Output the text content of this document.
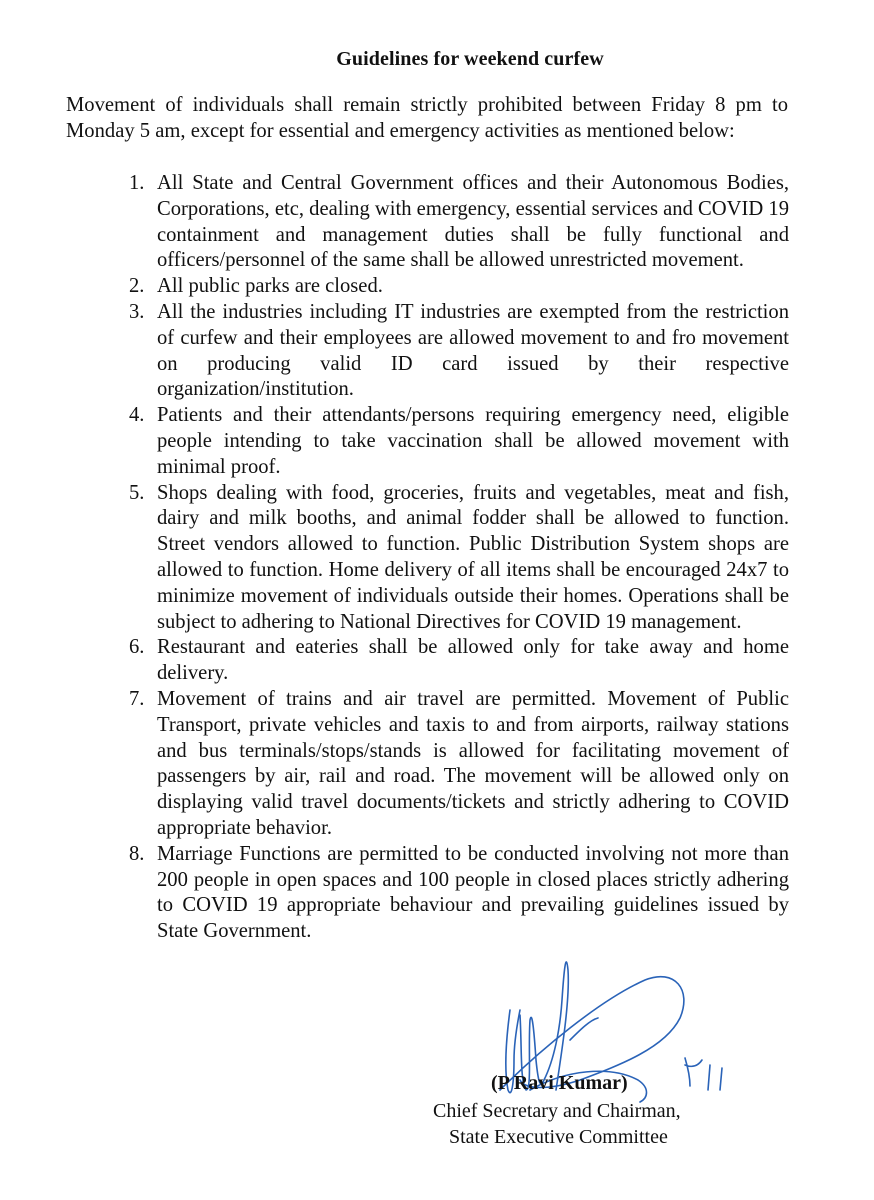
Guidelines for weekend curfew
Movement of individuals shall remain strictly prohibited between Friday 8 pm to Monday 5 am, except for essential and emergency activities as mentioned below:
1. All State and Central Government offices and their Autonomous Bodies, Corporations, etc, dealing with emergency, essential services and COVID 19 containment and management duties shall be fully functional and officers/personnel of the same shall be allowed unrestricted movement.
2. All public parks are closed.
3. All the industries including IT industries are exempted from the restriction of curfew and their employees are allowed movement to and fro movement on producing valid ID card issued by their respective organization/institution.
4. Patients and their attendants/persons requiring emergency need, eligible people intending to take vaccination shall be allowed movement with minimal proof.
5. Shops dealing with food, groceries, fruits and vegetables, meat and fish, dairy and milk booths, and animal fodder shall be allowed to function. Street vendors allowed to function. Public Distribution System shops are allowed to function. Home delivery of all items shall be encouraged 24x7 to minimize movement of individuals outside their homes. Operations shall be subject to adhering to National Directives for COVID 19 management.
6. Restaurant and eateries shall be allowed only for take away and home delivery.
7. Movement of trains and air travel are permitted. Movement of Public Transport, private vehicles and taxis to and from airports, railway stations and bus terminals/stops/stands is allowed for facilitating movement of passengers by air, rail and road. The movement will be allowed only on displaying valid travel documents/tickets and strictly adhering to COVID appropriate behavior.
8. Marriage Functions are permitted to be conducted involving not more than 200 people in open spaces and 100 people in closed places strictly adhering to COVID 19 appropriate behaviour and prevailing guidelines issued by State Government.
(P Ravi Kumar)
Chief Secretary and Chairman,
State Executive Committee
